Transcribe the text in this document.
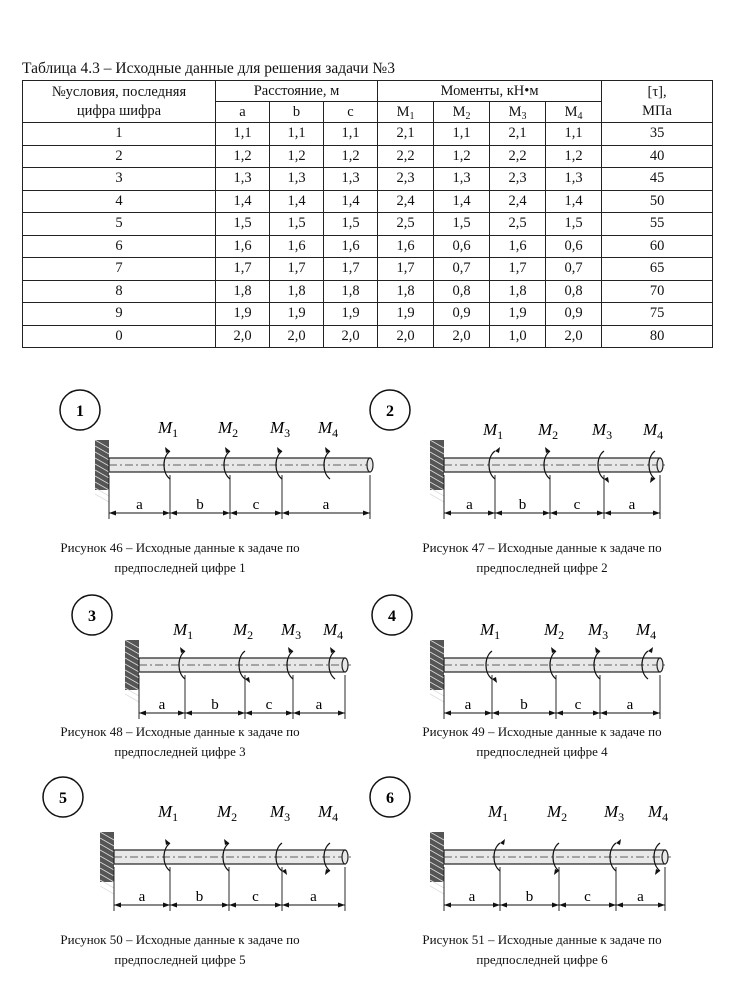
Таблица 4.3 – Исходные данные для решения задачи №3
№условия, последняя
цифра шифра	Расстояние, м			Моменты, кН•м				[τ],
МПа
	a	b	c	$M_1$	$M_2$	$M_3$	$M_4$
1	1,1	1,1	1,1	2,1	1,1	2,1	1,1	35
2	1,2	1,2	1,2	2,2	1,2	2,2	1,2	40
3	1,3	1,3	1,3	2,3	1,3	2,3	1,3	45
4	1,4	1,4	1,4	2,4	1,4	2,4	1,4	50
5	1,5	1,5	1,5	2,5	1,5	2,5	1,5	55
6	1,6	1,6	1,6	1,6	0,6	1,6	0,6	60
7	1,7	1,7	1,7	1,7	0,7	1,7	0,7	65
8	1,8	1,8	1,8	1,8	0,8	1,8	0,8	70
9	1,9	1,9	1,9	1,9	0,9	1,9	0,9	75
0	2,0	2,0	2,0	2,0	2,0	1,0	2,0	80
1
$M_1$ $M_2$ $M_3$ $M_4$
a	b	c	a
2
$M_1$ $M_2$ $M_3$ $M_4$
a	b	c	a
3
$M_1$ $M_2$ $M_3$ $M_4$
a	b	c	a
4
$M_1$	$M_2$ $M_3$ $M_4$
a	b	c	a
5
$M_1$ $M_2$ $M_3$ $M_4$
a	b	c	a
6
$M_1$ $M_2$ $M_3$ $M_4$
a	b	c	a
Рисунок 46 – Исходные данные к задаче по
предпоследней цифре 1
Рисунок 47 – Исходные данные к задаче по
предпоследней цифре 2
Рисунок 48 – Исходные данные к задаче по
предпоследней цифре 3
Рисунок 49 – Исходные данные к задаче по
предпоследней цифре 4
Рисунок 50 – Исходные данные к задаче по
предпоследней цифре 5
Рисунок 51 – Исходные данные к задаче по
предпоследней цифре 6
